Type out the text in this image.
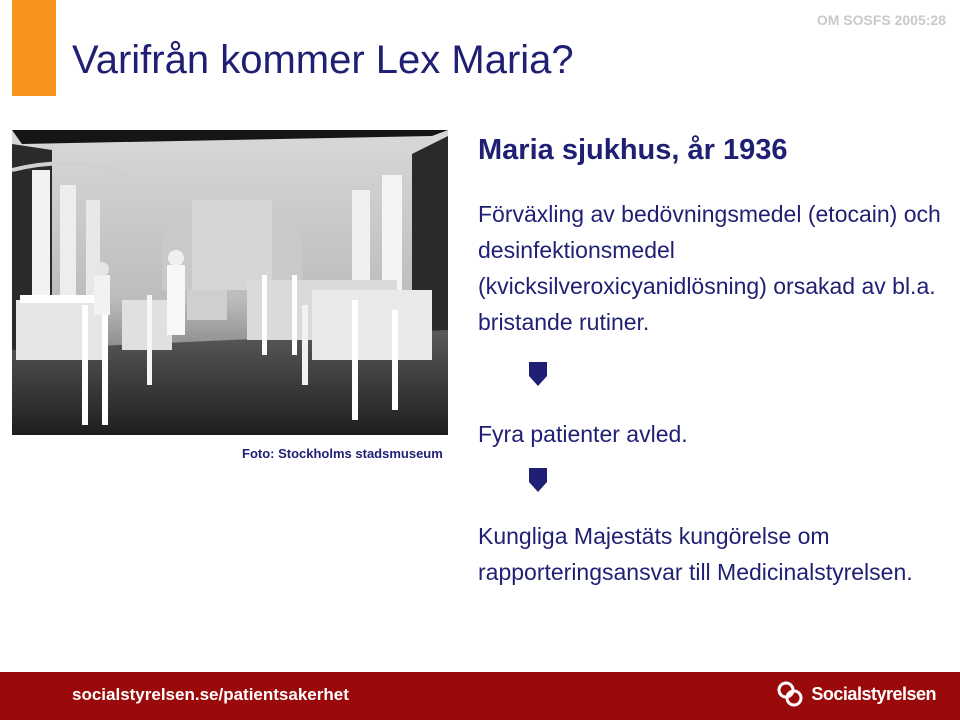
OM SOSFS 2005:28
Varifrån kommer Lex Maria?
Foto: Stockholms stadsmuseum
Maria sjukhus, år 1936
Förväxling av bedövningsmedel (etocain) och desinfektionsmedel (kvicksilveroxicyanidlösning) orsakad av bl.a. bristande rutiner.
Fyra patienter avled.
Kungliga Majestäts kungörelse om rapporteringsansvar till Medicinalstyrelsen.
socialstyrelsen.se/patientsakerhet	Socialstyrelsen
